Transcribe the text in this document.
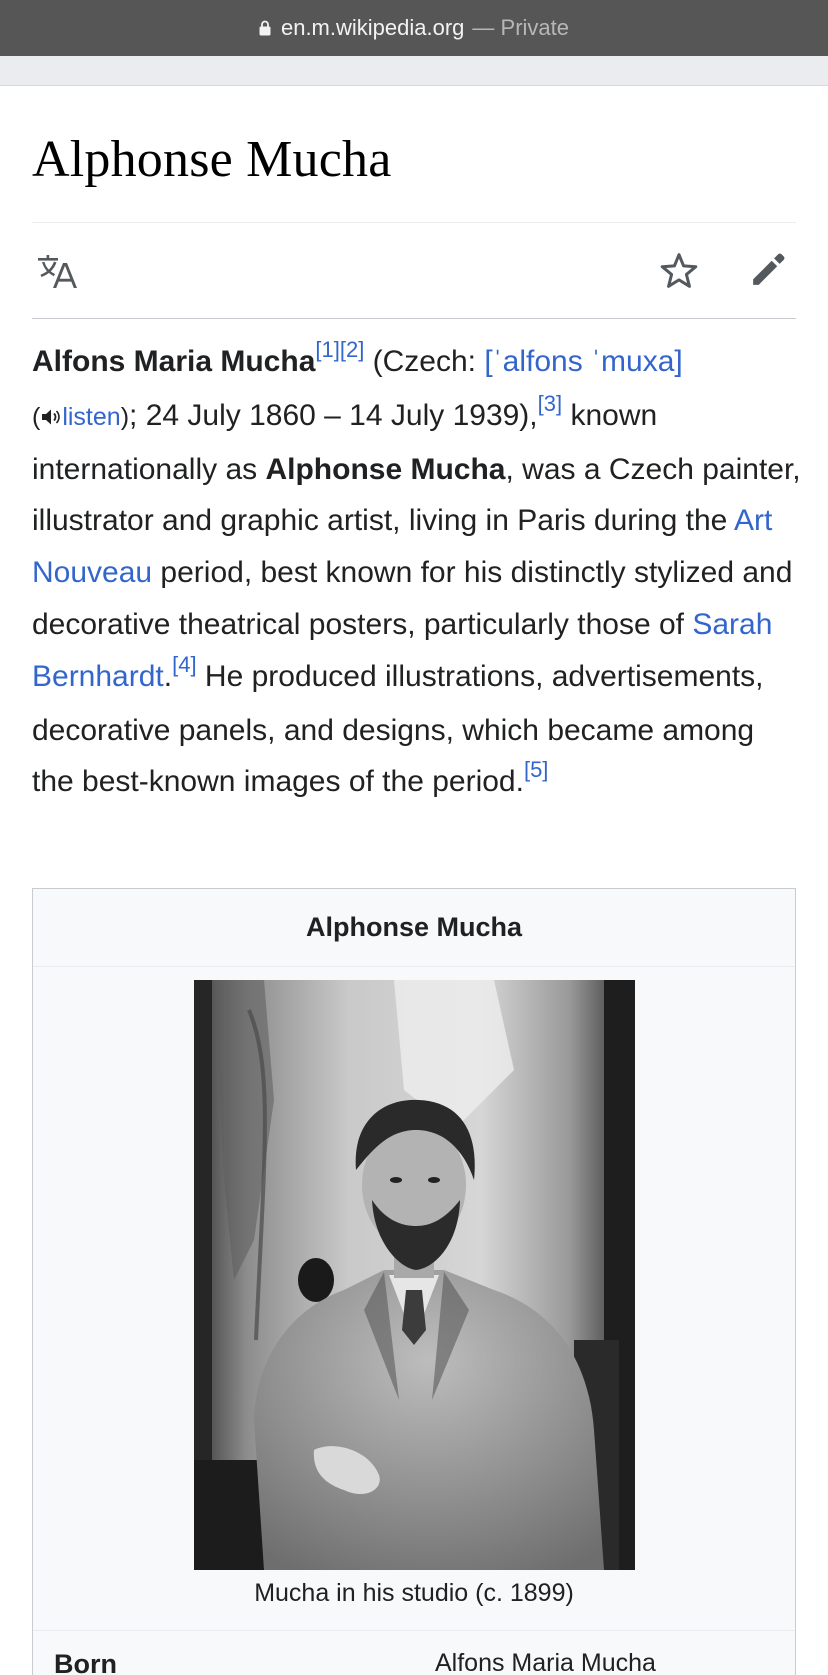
en.m.wikipedia.org — Private
Alphonse Mucha

Alfons Maria Mucha[1][2] (Czech: [ˈalfons ˈmuxa]
( listen); 24 July 1860 – 14 July 1939),[3] known internationally as Alphonse Mucha, was a Czech painter, illustrator and graphic artist, living in Paris during the Art Nouveau period, best known for his distinctly stylized and decorative theatrical posters, particularly those of Sarah Bernhardt.[4] He produced illustrations, advertisements, decorative panels, and designs, which became among the best-known images of the period.[5]

Alphonse Mucha
Mucha in his studio (c. 1899)
Born	Alfons Maria Mucha
